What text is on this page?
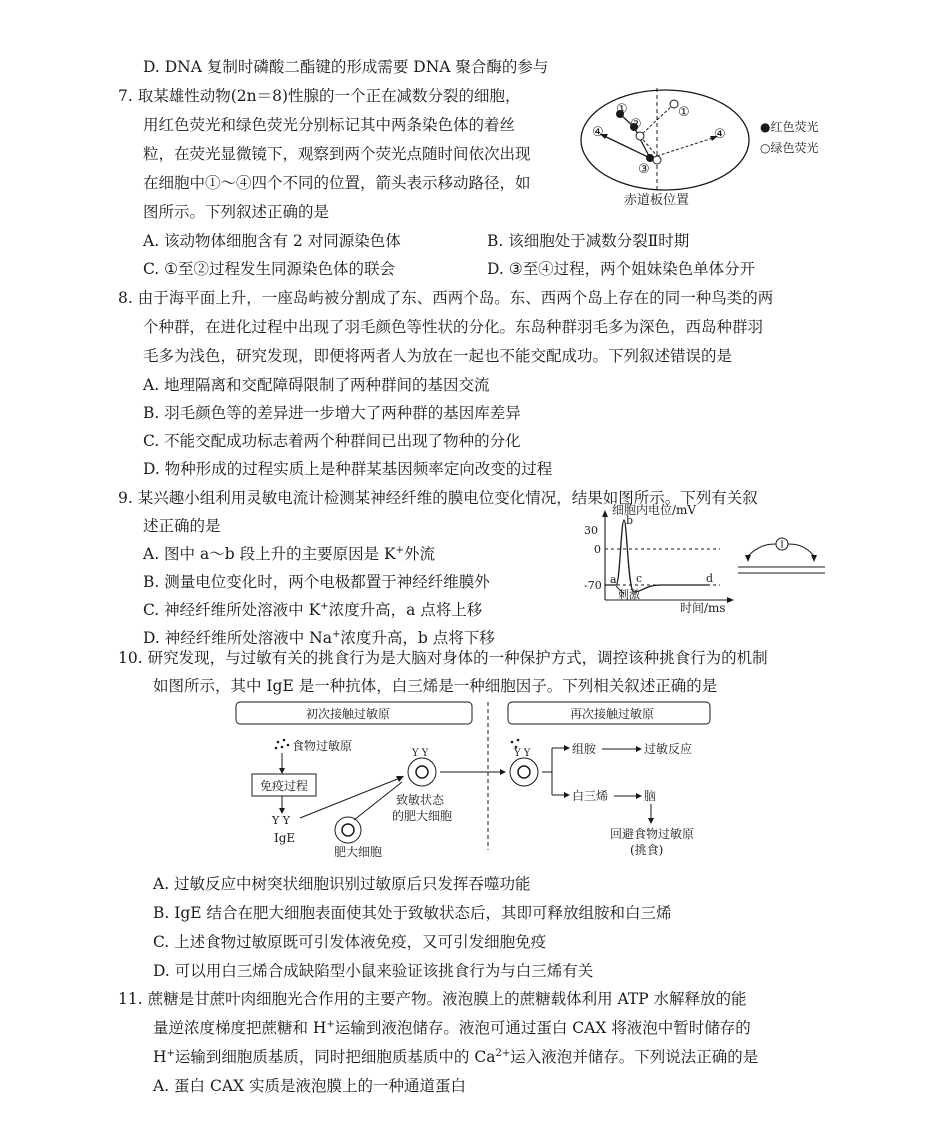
D. DNA 复制时磷酸二酯键的形成需要 DNA 聚合酶的参与
7. 取某雄性动物(2n＝8)性腺的一个正在减数分裂的细胞，
用红色荧光和绿色荧光分别标记其中两条染色体的着丝
粒，在荧光显微镜下，观察到两个荧光点随时间依次出现
在细胞中①～④四个不同的位置，箭头表示移动路径，如
图所示。下列叙述正确的是
①
②
③
④
①
④	●红色荧光
○绿色荧光
赤道板位置
A. 该动物体细胞含有 2 对同源染色体	B. 该细胞处于减数分裂Ⅱ时期
C. ①至②过程发生同源染色体的联会	D. ③至④过程，两个姐妹染色单体分开
8. 由于海平面上升，一座岛屿被分割成了东、西两个岛。东、西两个岛上存在的同一种鸟类的两
个种群，在进化过程中出现了羽毛颜色等性状的分化。东岛种群羽毛多为深色，西岛种群羽
毛多为浅色，研究发现，即便将两者人为放在一起也不能交配成功。下列叙述错误的是
A. 地理隔离和交配障碍限制了两种群间的基因交流
B. 羽毛颜色等的差异进一步增大了两种群的基因库差异
C. 不能交配成功标志着两个种群间已出现了物种的分化
D. 物种形成的过程实质上是种群某基因频率定向改变的过程
9. 某兴趣小组利用灵敏电流计检测某神经纤维的膜电位变化情况，结果如图所示。下列有关叙
述正确的是
A. 图中 a～b 段上升的主要原因是 K+外流
B. 测量电位变化时，两个电极都置于神经纤维膜外
C. 神经纤维所处溶液中 K+浓度升高，a 点将上移
D. 神经纤维所处溶液中 Na+浓度升高，b 点将下移
细胞内电位/mV
30
0
-70 a
b
c	d
刺激
时间/ms
10. 研究发现，与过敏有关的挑食行为是大脑对身体的一种保护方式，调控该种挑食行为的机制
如图所示，其中 IgE 是一种抗体，白三烯是一种细胞因子。下列相关叙述正确的是
初次接触过敏原	再次接触过敏原
食物过敏原
免疫过程
Y Y
IgE
肥大细胞
Y Y
致敏状态
的肥大细胞
Y Y	组胺	过敏反应
白三烯	脑
回避食物过敏原
(挑食)
A. 过敏反应中树突状细胞识别过敏原后只发挥吞噬功能
B. IgE 结合在肥大细胞表面使其处于致敏状态后，其即可释放组胺和白三烯
C. 上述食物过敏原既可引发体液免疫，又可引发细胞免疫
D. 可以用白三烯合成缺陷型小鼠来验证该挑食行为与白三烯有关
11. 蔗糖是甘蔗叶肉细胞光合作用的主要产物。液泡膜上的蔗糖载体利用 ATP 水解释放的能
量逆浓度梯度把蔗糖和 H+运输到液泡储存。液泡可通过蛋白 CAX 将液泡中暂时储存的
H+运输到细胞质基质，同时把细胞质基质中的 $Ca^{2+}$运入液泡并储存。下列说法正确的是
A. 蛋白 CAX 实质是液泡膜上的一种通道蛋白
